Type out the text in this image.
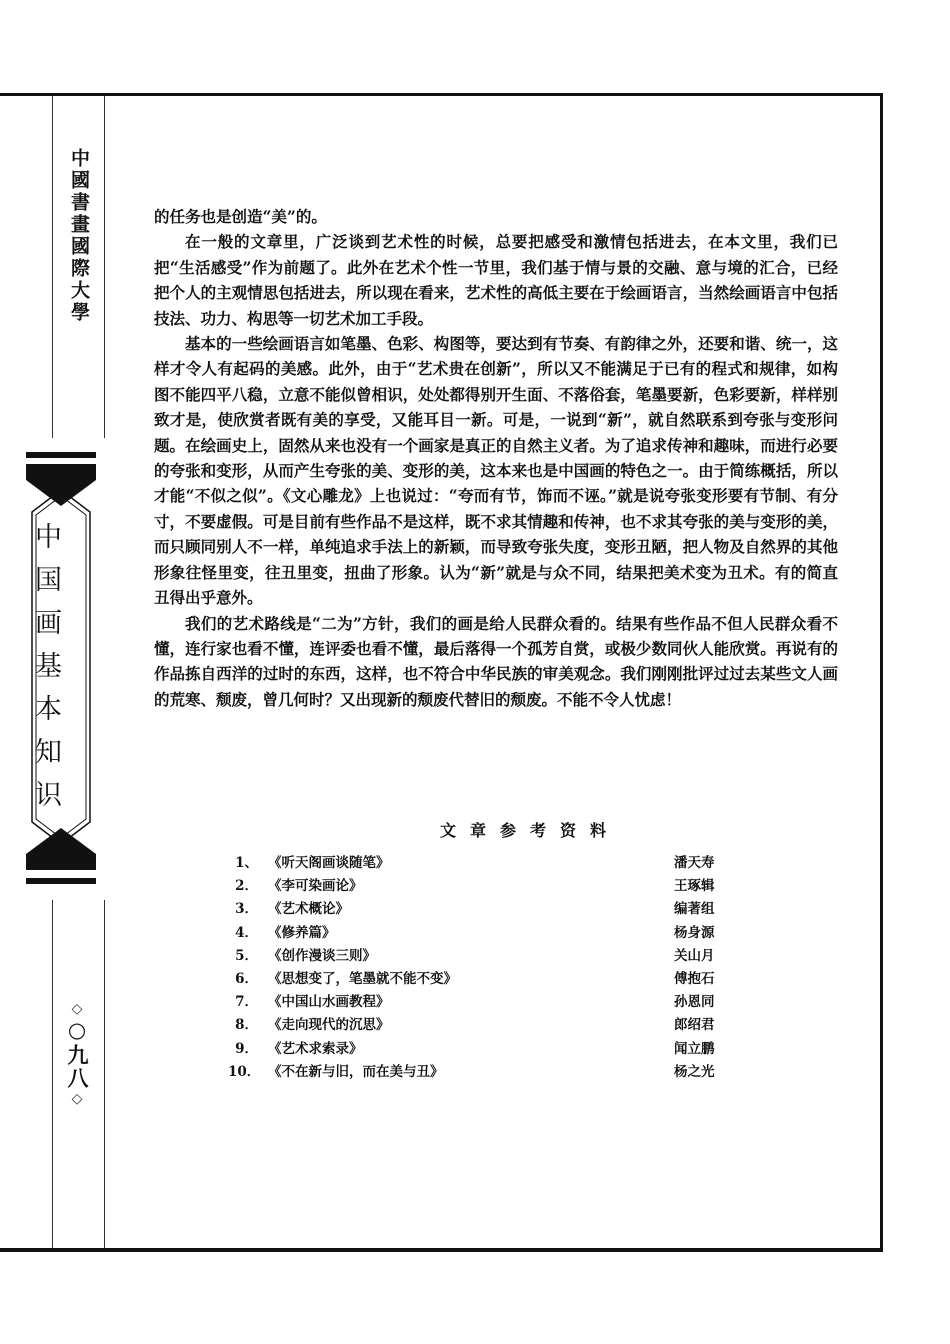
中國書畫國際大學
中国画基本知识
◇
○九八
◇

的任务也是创造“美”的。

在一般的文章里，广泛谈到艺术性的时候，总要把感受和激情包括进去，在本文里，我们已把“生活感受”作为前题了。此外在艺术个性一节里，我们基于情与景的交融、意与境的汇合，已经把个人的主观情思包括进去，所以现在看来，艺术性的高低主要在于绘画语言，当然绘画语言中包括技法、功力、构思等一切艺术加工手段。

基本的一些绘画语言如笔墨、色彩、构图等，要达到有节奏、有韵律之外，还要和谐、统一，这样才令人有起码的美感。此外，由于“艺术贵在创新”，所以又不能满足于已有的程式和规律，如构图不能四平八稳，立意不能似曾相识，处处都得别开生面、不落俗套，笔墨要新，色彩要新，样样别致才是，使欣赏者既有美的享受，又能耳目一新。可是，一说到“新”，就自然联系到夸张与变形问题。在绘画史上，固然从来也没有一个画家是真正的自然主义者。为了追求传神和趣味，而进行必要的夸张和变形，从而产生夸张的美、变形的美，这本来也是中国画的特色之一。由于简练概括，所以才能“不似之似”。《文心雕龙》上也说过：“夸而有节，饰而不诬。”就是说夸张变形要有节制、有分寸，不要虚假。可是目前有些作品不是这样，既不求其情趣和传神，也不求其夸张的美与变形的美，而只顾同别人不一样，单纯追求手法上的新颖，而导致夸张失度，变形丑陋，把人物及自然界的其他形象往怪里变，往丑里变，扭曲了形象。认为“新”就是与众不同，结果把美术变为丑术。有的简直丑得出乎意外。

我们的艺术路线是“二为”方针，我们的画是给人民群众看的。结果有些作品不但人民群众看不懂，连行家也看不懂，连评委也看不懂，最后落得一个孤芳自赏，或极少数同伙人能欣赏。再说有的作品拣自西洋的过时的东西，这样，也不符合中华民族的审美观念。我们刚刚批评过过去某些文人画的荒寒、颓废，曾几何时？又出现新的颓废代替旧的颓废。不能不令人忧虑！

文章参考资料
1、 《听天阁画谈随笔》	潘天寿
2． 《李可染画论》	王琢辑
3． 《艺术概论》	编著组
4． 《修养篇》	杨身源
5． 《创作漫谈三则》	关山月
6． 《思想变了，笔墨就不能不变》	傅抱石
7． 《中国山水画教程》	孙恩同
8． 《走向现代的沉思》	郎绍君
9． 《艺术求索录》	闻立鹏
10． 《不在新与旧，而在美与丑》	杨之光
